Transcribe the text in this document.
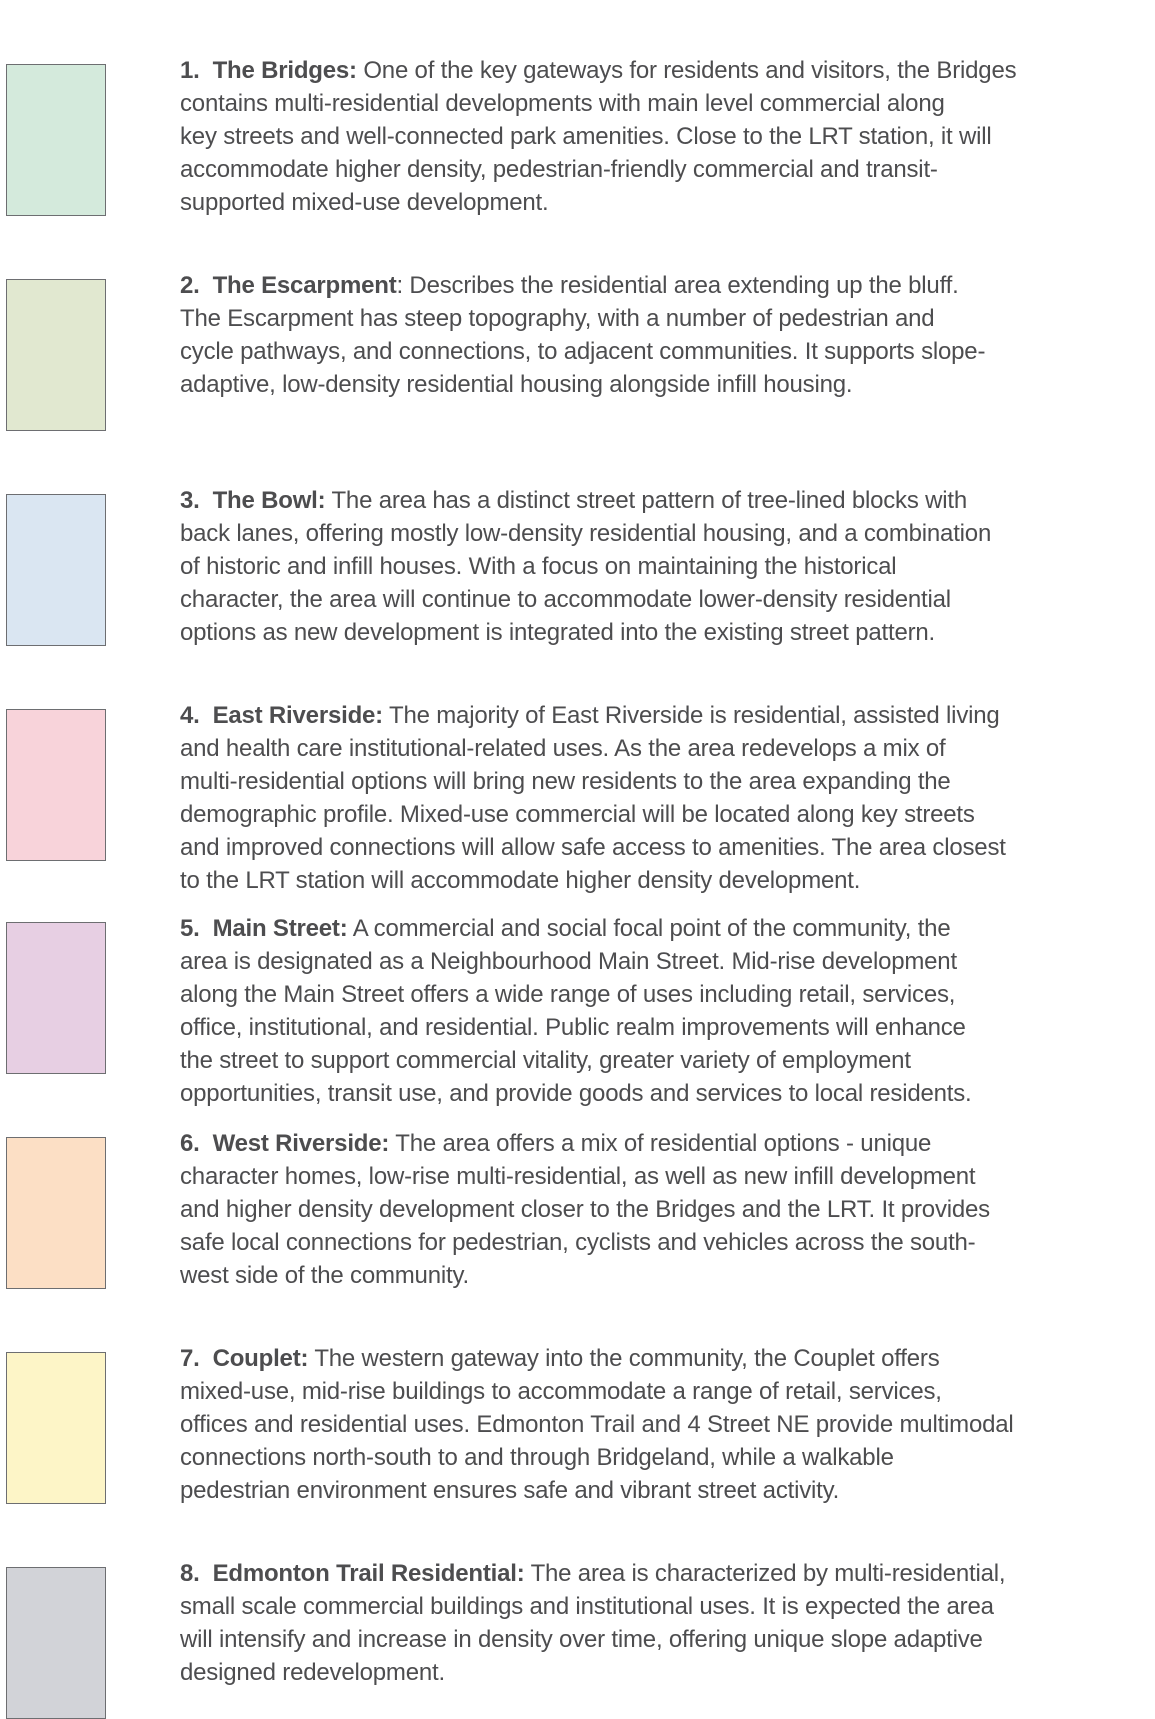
1. The Bridges: One of the key gateways for residents and visitors, the Bridges
contains multi-residential developments with main level commercial along
key streets and well-connected park amenities. Close to the LRT station, it will
accommodate higher density, pedestrian-friendly commercial and transit-
supported mixed-use development.

2. The Escarpment: Describes the residential area extending up the bluff.
The Escarpment has steep topography, with a number of pedestrian and
cycle pathways, and connections, to adjacent communities. It supports slope-
adaptive, low-density residential housing alongside infill housing.

3. The Bowl: The area has a distinct street pattern of tree-lined blocks with
back lanes, offering mostly low-density residential housing, and a combination
of historic and infill houses. With a focus on maintaining the historical
character, the area will continue to accommodate lower-density residential
options as new development is integrated into the existing street pattern.

4. East Riverside: The majority of East Riverside is residential, assisted living
and health care institutional-related uses. As the area redevelops a mix of
multi-residential options will bring new residents to the area expanding the
demographic profile. Mixed-use commercial will be located along key streets
and improved connections will allow safe access to amenities. The area closest
to the LRT station will accommodate higher density development.

5. Main Street: A commercial and social focal point of the community, the
area is designated as a Neighbourhood Main Street. Mid-rise development
along the Main Street offers a wide range of uses including retail, services,
office, institutional, and residential. Public realm improvements will enhance
the street to support commercial vitality, greater variety of employment
opportunities, transit use, and provide goods and services to local residents.

6. West Riverside: The area offers a mix of residential options - unique
character homes, low-rise multi-residential, as well as new infill development
and higher density development closer to the Bridges and the LRT. It provides
safe local connections for pedestrian, cyclists and vehicles across the south-
west side of the community.

7. Couplet: The western gateway into the community, the Couplet offers
mixed-use, mid-rise buildings to accommodate a range of retail, services,
offices and residential uses. Edmonton Trail and 4 Street NE provide multimodal
connections north-south to and through Bridgeland, while a walkable
pedestrian environment ensures safe and vibrant street activity.

8. Edmonton Trail Residential: The area is characterized by multi-residential,
small scale commercial buildings and institutional uses. It is expected the area
will intensify and increase in density over time, offering unique slope adaptive
designed redevelopment.
